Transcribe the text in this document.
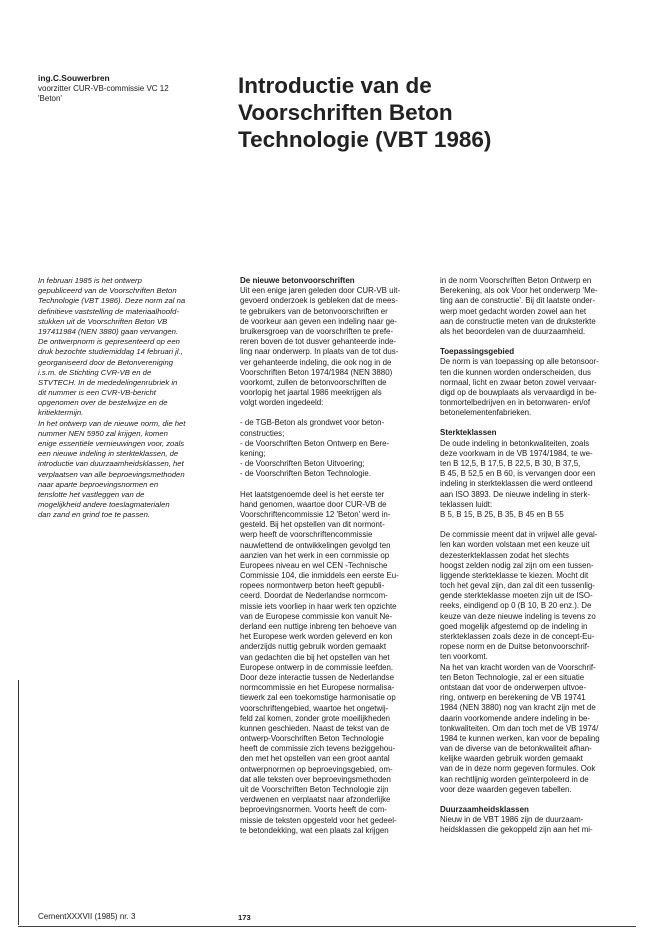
ing.C.Souwerbren
voorzitter CUR-VB-commissie VC 12
'Beton'
Introductie van de
Voorschriften Beton
Technologie (VBT 1986)
In februari 1985 is het ontwerp
gepubliceerd van de Voorschriften Beton
Technologie (VBT 1986). Deze norm zal na
definitieve vaststelling de materiaalhoofd-
stukken uit de Voorschriften Beton VB
197411984 (NEN 3880) gaan vervangen.
De ontwerpnorm is gepresenteerd op een
druk bezochte studiemiddag 14 februari jl.,
georganiseerd door de Betonvereniging
i.s.m. de Stichting CVR-VB en de
STVTECH. In de mededelingenrubriek in
dit nummer is een CVR-VB-bericht
opgenomen over de bestelwijze en de
kritiektermijn.
In het ontwerp van de nieuwe norm, die het
nummer NEN 5950 zal krijgen, komen
enige essentiële vernieuwingen voor, zoals
een nieuwe indeling in sterkteklassen, de
introductie van duurzaamheidsklassen, het
verplaatsen van alle beproevingsmethoden
naar aparte beproevingsnormen en
tenslotte het vastleggen van de
mogelijkheid andere toeslagmaterialen
dan zand en grind toe te passen.
De nieuwe betonvoorschriften
Uit een enige jaren geleden door CUR-VB uit-
gevoerd onderzoek is gebleken dat de mees-
te gebruikers van de betonvoorschriften er
de voorkeur aan geven een indeling naar ge-
bruikersgroep van de voorschriften te prefe-
reren boven de tot dusver gehanteerde inde-
ling naar onderwerp. In plaats van de tot dus-
ver gehanteerde indeling, die ook nog in de
Voorschriften Beton 1974/1984 (NEN 3880)
voorkomt, zullen de betonvoorschriften de
voorlopig het jaartal 1986 meekrijgen als
volgt worden ingedeeld:
- de TGB-Beton als grondwet voor beton-
constructies;
- de Voorschriften Beton Ontwerp en Bere-
kening;
- de Voorschriften Beton Uitvoering;
- de Voorschriften Beton Technologie.
Het laatstgenoemde deel is het eerste ter
hand genomen, waartoe door CUR-VB de
Voorschriftencommissie 12 'Beton' werd in-
gesteld. Bij het opstellen van dit normont-
werp heeft de voorschriftencommissie
nauwlettend de ontwikkelingen gevolgd ten
aanzien van het werk in een cornmissie op
Europees niveau en wel CEN -Technische
Commissie 104, die inmiddels een eerste Eu-
ropees normontwerp beton heeft gepubli-
ceerd. Doordat de Nederlandse normcom-
missie iets voorliep in haar werk ten opzichte
van de Europese commissie kon vanuit Ne-
derland een nuttige inbreng ten behoeve van
het Europese werk worden geleverd en kon
anderzijds nuttig gebruik worden gemaakt
van gedachten die bij het opstellen van het
Europese ontwerp in de commissie leefden.
Door deze interactie tussen de Nederlandse
normcommissie en het Europese normalisa-
tiewerk zal een toekomstige harmonisatie op
voorschriftengebied, waartoe het ongetwij-
feld zal komen, zonder grote moeilijkheden
kunnen geschieden. Naast de tekst van de
ontwerp-Voorschriften Beton Technologie
heeft de commissie zich tevens beziggehou-
den met het opstellen van een groot aantal
ontwerpnormen op beproevingsgebied, om-
dat alle teksten over beproevingsmethoden
uit de Voorschriften Beton Technologie zijn
verdwenen en verplaatst naar afzonderlijke
beproevingsnormen. Voorts heeft de com-
missie de teksten opgesteld voor het gedeel-
te betondekking, wat een plaats zal krijgen
in de norm Voorschriften Beton Ontwerp en
Berekening, als ook Voor het onderwerp 'Me-
ting aan de constructie'. Bij dit laatste onder-
werp moet gedacht worden zowel aan het
aan de constructie meten van de druksterkte
als het beoordelen van de duurzaamheid.
Toepassingsgebied
De norm is van toepassing op alle betonsoor-
ten die kunnen worden onderscheiden, dus
normaal, licht en zwaar beton zowel vervaar-
digd op de bouwplaats als vervaardigd in be-
tonmortelbedrijven en in betonwaren- en/of
betonelementenfabrieken.
Sterkteklassen
De oude indeling in betonkwaliteiten, zoals
deze voorkwam in de VB 1974/1984, te we-
ten B 12,5, B 17,5, B 22,5, B 30, B 37,5,
B 45, B 52,5 en B 60, is vervangen door een
indeling in sterkteklassen die werd ontleend
aan ISO 3893. De nieuwe indeling in sterk-
teklassen luidt:
B 5, B 15, B 25, B 35, B 45 en B 55
De commissie meent dat in vrijwel alle geval-
len kan worden volstaan met een keuze uit
dezesterkteklassen zodat het slechts
hoogst zelden nodig zal zijn om een tussen-
liggende sterkteklasse te kiezen. Mocht dit
toch het geval zijn, dan zal dit een tussenlig-
gende sterkteklasse moeten zijn uit de ISO-
reeks, eindigend op 0 (B 10, B 20 enz.). De
keuze van deze nieuwe indeling is tevens zo
goed mogelijk afgestemd op de indeling in
sterkteklassen zoals deze in de concept-Eu-
ropese norm en de Duitse betonvoorschrif-
ten voorkomt.
Na het van kracht worden van de Voorschrif-
ten Beton Technologie, zal er een situatie
ontstaan dat voor de onderwerpen ultvoe-
ring, ontwerp en berekening de VB 19741
1984 (NEN 3880) nog van kracht zijn met de
daarin voorkomende andere indeling in be-
tonkwaliteiten. Om dan toch met de VB 1974/
1984 te kunnen werken, kan voor de bepaling
van de diverse van de betonkwaliteit afhan-
kelijke waarden gebruik worden gemaakt
van de in deze norm gegeven formules. Ook
kan rechtlijnig worden geïnterpoleerd in de
voor deze waarden gegeven tabellen.
Duurzaamheidsklassen
Nieuw in de VBT 1986 zijn de duurzaam-
heidsklassen die gekoppeld zijn aan het mi-
CernentXXXVII (1985) nr. 3	173
